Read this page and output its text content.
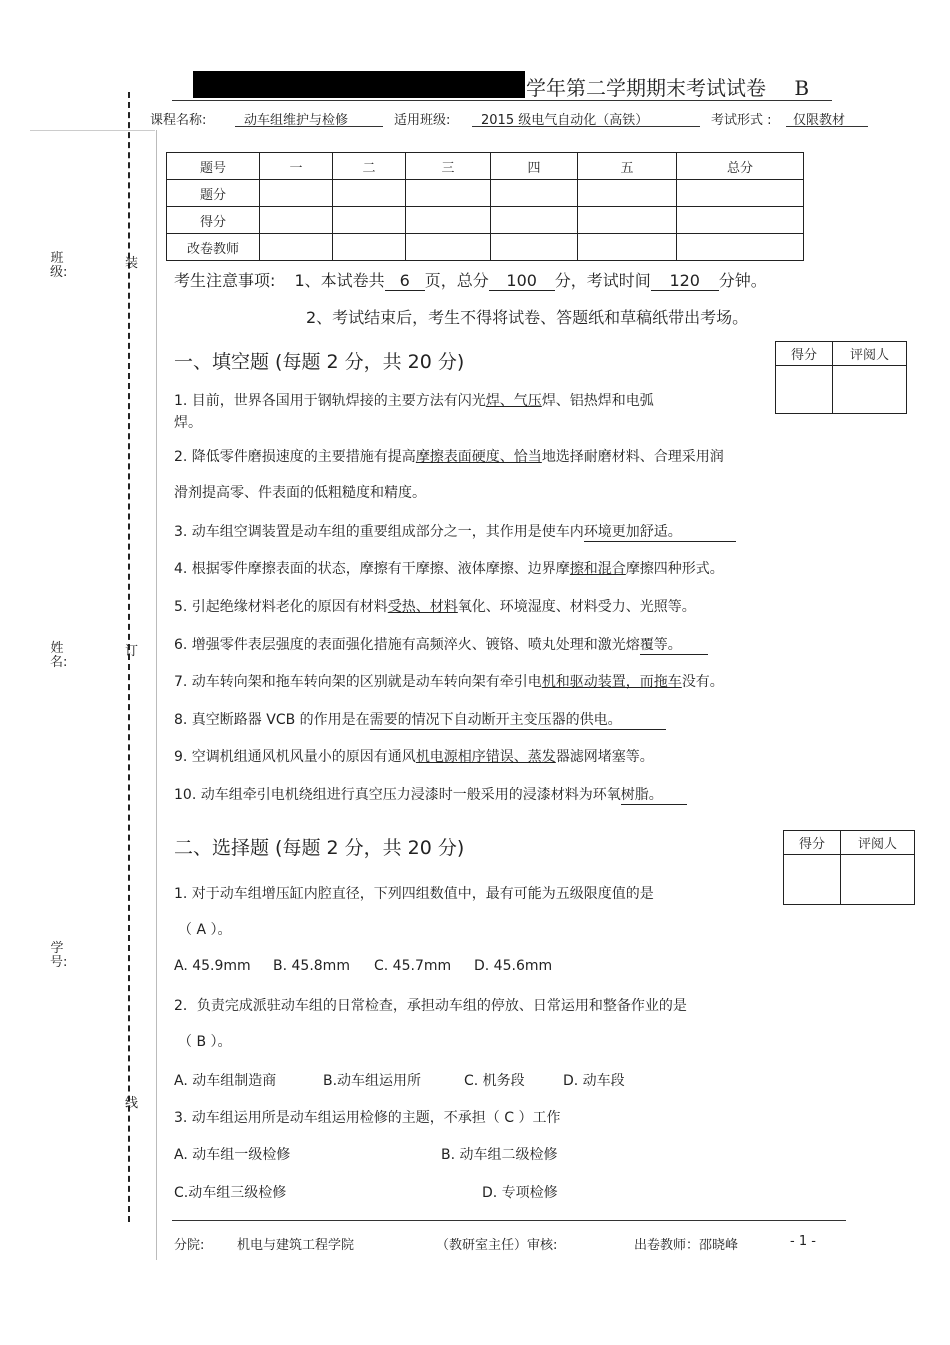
学年第二学期期末考试试卷 B
课程名称:	动车组维护与检修	适用班级: 2015 级电气自动化（高铁）	考试形式 : 仅限教材
班级:
姓名:
学号:
装
订
线
题号	一	二	三	四	五	总分
题分						
得分						
改卷教师						
考生注意事项: 1、本试卷共 6 页，总分 100 分，考试时间 120 分钟。
2、考试结束后，考生不得将试卷、答题纸和草稿纸带出考场。
一、填空题 (每题 2 分，共 20 分)	得分	评阅人

1. 目前，世界各国用于钢轨焊接的主要方法有闪光焊、气压焊、铝热焊和电弧
焊。
2. 降低零件磨损速度的主要措施有提高摩擦表面硬度、恰当地选择耐磨材料、合理采用润
滑剂提高零、件表面的低粗糙度和精度。
3. 动车组空调装置是动车组的重要组成部分之一，其作用是使车内环境更加舒适。
4. 根据零件摩擦表面的状态，摩擦有干摩擦、液体摩擦、边界摩擦和混合摩擦四种形式。
5. 引起绝缘材料老化的原因有材料受热、材料氧化、环境湿度、材料受力、光照等。
6. 增强零件表层强度的表面强化措施有高频淬火、镀铬、喷丸处理和激光熔覆等。
7. 动车转向架和拖车转向架的区别就是动车转向架有牵引电机和驱动装置，而拖车没有。
8. 真空断路器 VCB 的作用是在需要的情况下自动断开主变压器的供电。
9. 空调机组通风机风量小的原因有通风机电源相序错误、蒸发器滤网堵塞等。
10. 动车组牵引电机绕组进行真空压力浸漆时一般采用的浸漆材料为环氧树脂。
二、选择题 (每题 2 分，共 20 分)	得分	评阅人

1. 对于动车组增压缸内腔直径，下列四组数值中，最有可能为五级限度值的是
（ A ）。
A. 45.9mm B. 45.8mm C. 45.7mm D. 45.6mm
2．负责完成派驻动车组的日常检查，承担动车组的停放、日常运用和整备作业的是
（ B ）。
A. 动车组制造商	B.动车组运用所	C. 机务段	D. 动车段
3. 动车组运用所是动车组运用检修的主题，不承担（ C ）工作
A. 动车组一级检修	B. 动车组二级检修
C.动车组三级检修	D. 专项检修
分院:	机电与建筑工程学院	（教研室主任）审核:	出卷教师：邵晓峰	- 1 -
